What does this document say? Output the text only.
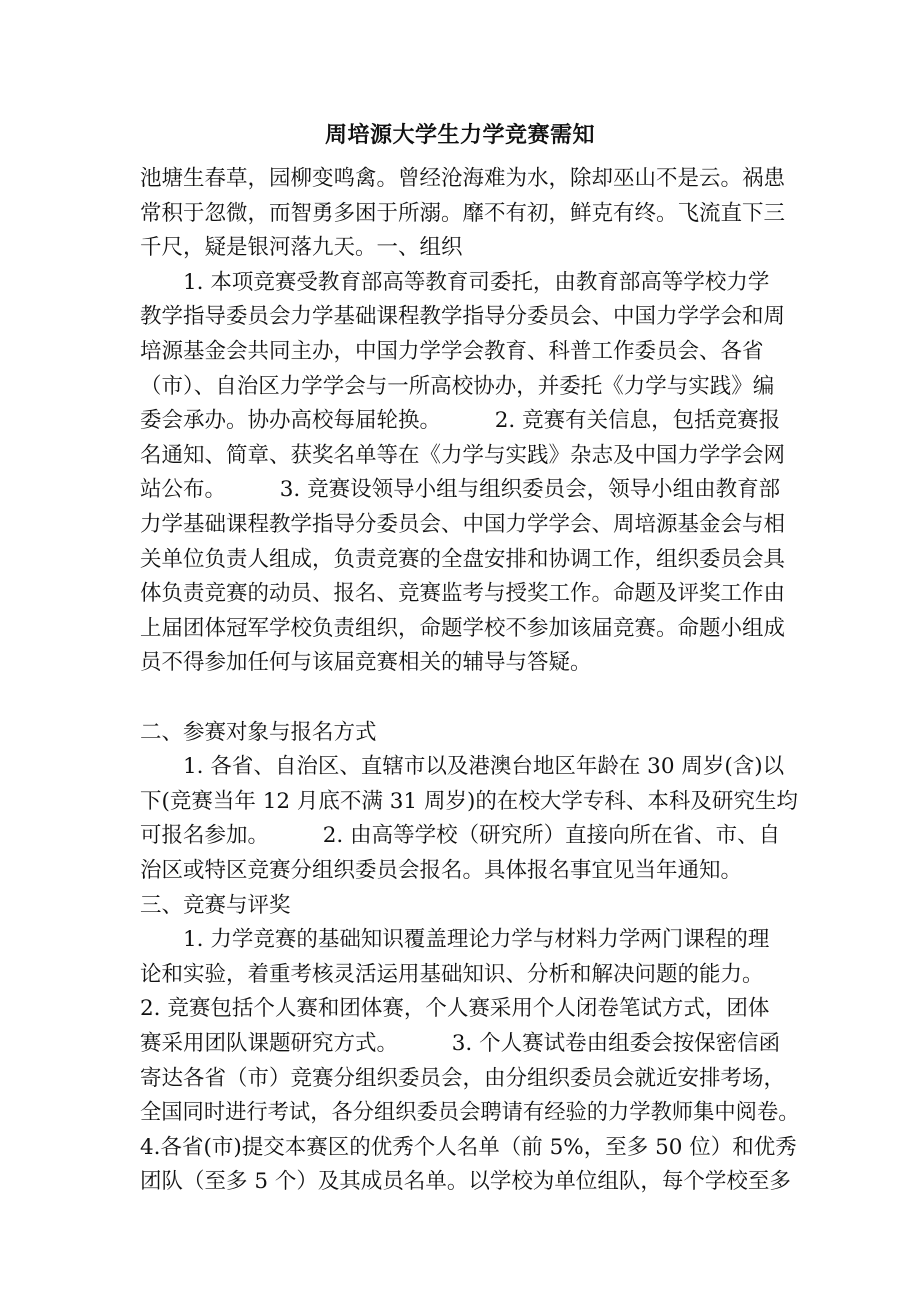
周培源大学生力学竞赛需知
池塘生春草，园柳变鸣禽。曾经沧海难为水，除却巫山不是云。祸患
常积于忽微，而智勇多困于所溺。靡不有初，鲜克有终。飞流直下三
千尺，疑是银河落九天。一、组织
　　1. 本项竞赛受教育部高等教育司委托，由教育部高等学校力学
教学指导委员会力学基础课程教学指导分委员会、中国力学学会和周
培源基金会共同主办，中国力学学会教育、科普工作委员会、各省
（市）、自治区力学学会与一所高校协办，并委托《力学与实践》编
委会承办。协办高校每届轮换。　　　2. 竞赛有关信息，包括竞赛报
名通知、简章、获奖名单等在《力学与实践》杂志及中国力学学会网
站公布。　　　3. 竞赛设领导小组与组织委员会，领导小组由教育部
力学基础课程教学指导分委员会、中国力学学会、周培源基金会与相
关单位负责人组成，负责竞赛的全盘安排和协调工作，组织委员会具
体负责竞赛的动员、报名、竞赛监考与授奖工作。命题及评奖工作由
上届团体冠军学校负责组织，命题学校不参加该届竞赛。命题小组成
员不得参加任何与该届竞赛相关的辅导与答疑。
二、参赛对象与报名方式
　　1. 各省、自治区、直辖市以及港澳台地区年龄在 30 周岁(含)以
下(竞赛当年 12 月底不满 31 周岁)的在校大学专科、本科及研究生均
可报名参加。　　　2. 由高等学校（研究所）直接向所在省、市、自
治区或特区竞赛分组织委员会报名。具体报名事宜见当年通知。
三、竞赛与评奖
　　1. 力学竞赛的基础知识覆盖理论力学与材料力学两门课程的理
论和实验，着重考核灵活运用基础知识、分析和解决问题的能力。
2. 竞赛包括个人赛和团体赛，个人赛采用个人闭卷笔试方式，团体
赛采用团队课题研究方式。　　　3. 个人赛试卷由组委会按保密信函
寄达各省（市）竞赛分组织委员会，由分组织委员会就近安排考场，
全国同时进行考试，各分组织委员会聘请有经验的力学教师集中阅卷。
4.各省(市)提交本赛区的优秀个人名单（前 5%，至多 50 位）和优秀
团队（至多 5 个）及其成员名单。以学校为单位组队，每个学校至多
